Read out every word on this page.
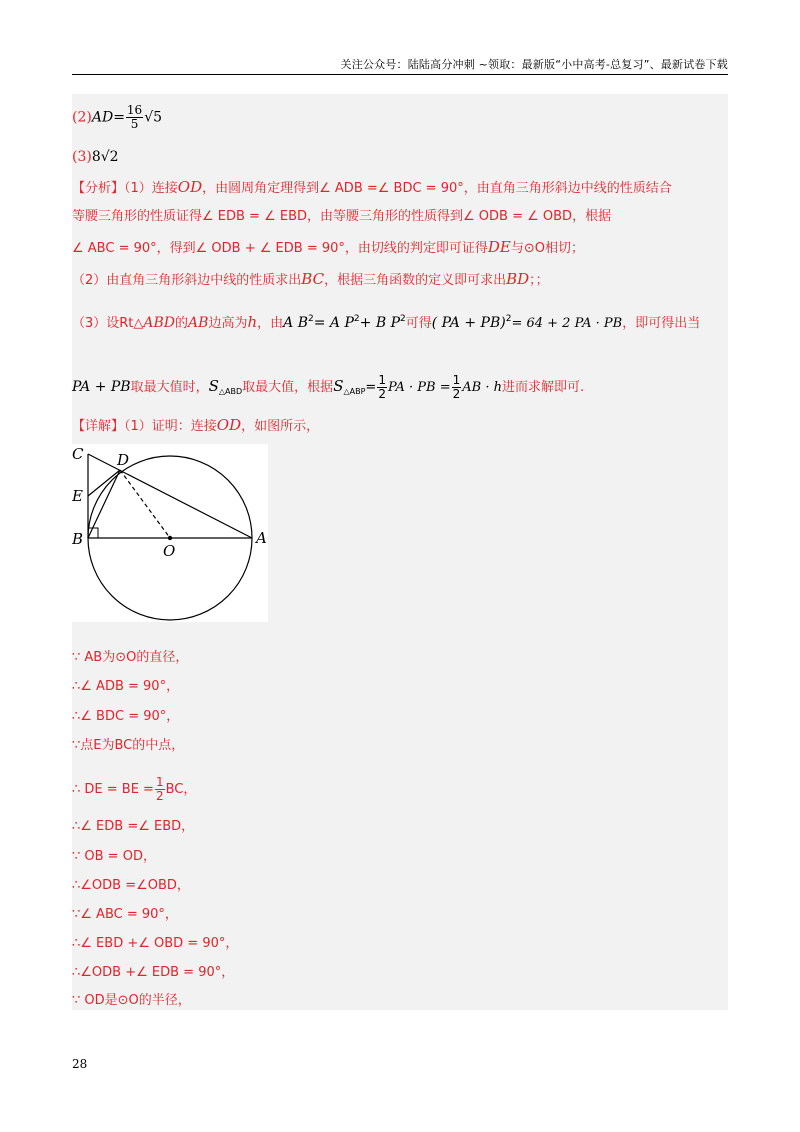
关注公众号：陆陆高分冲刺 ~领取：最新版“小中高考-总复习”、最新试卷下载
$(2)AD= \frac{16}{5} √5$
(3)8√2
【分析】（1）连接OD，由圆周角定理得到∠ ADB =∠ BDC = 90°，由直角三角形斜边中线的性质结合
等腰三角形的性质证得∠ EDB = ∠ EBD，由等腰三角形的性质得到∠ ODB = ∠ OBD，根据
∠ ABC = 90°，得到∠ ODB + ∠ EDB = 90°，由切线的判定即可证得DE与⊙O相切；
（2）由直角三角形斜边中线的性质求出BC，根据三角函数的定义即可求出BD；；
（3）设Rt△ABD的AB边高为h，由A $B^2= A$ $P^2+ B$ $P^2$可得( PA + PB)$^2$= 64 + 2 PA · PB，即可得出当
PA + PB取最大值时，$S_{\triangle ABD}$取最大值，根据$S_{\triangle ABP}= \frac{1}{2}$ PA · PB = $\frac{1}{2}$ AB · h进而求解即可.
【详解】（1）证明：连接OD，如图所示，
C D
E
B
O
A
∵ AB为⊙O的直径，
∴∠ ADB = 90°，
∴∠ BDC = 90°，
∵点E为BC的中点，
∴ DE = BE = $\frac{1}{2}$ BC，
∴∠ EDB =∠ EBD，
∵ OB = OD，
∴∠ODB =∠OBD，
∵∠ ABC = 90°，
∴∠ EBD +∠ OBD = 90°，
∴∠ODB +∠ EDB = 90°，
∵ OD是⊙O的半径，
28
